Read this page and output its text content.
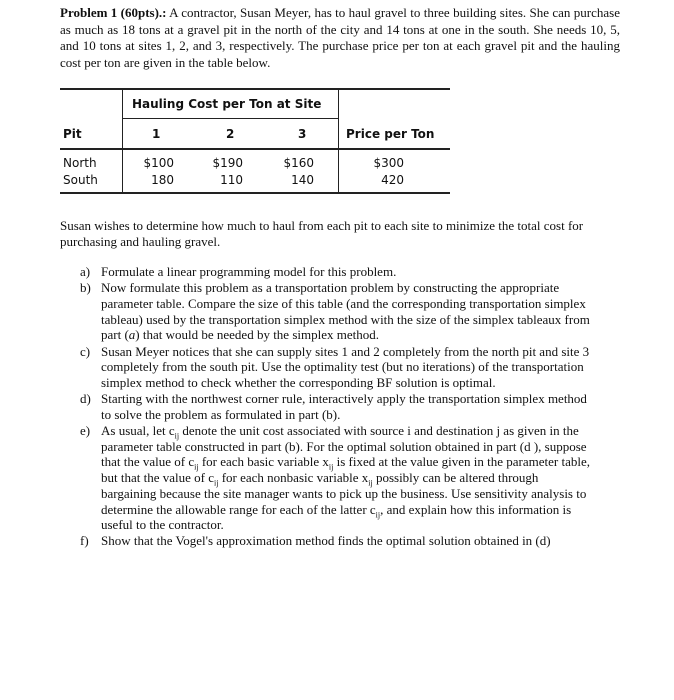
Problem 1 (60pts).: A contractor, Susan Meyer, has to haul gravel to three building sites. She can purchase as much as 18 tons at a gravel pit in the north of the city and 14 tons at one in the south. She needs 10, 5, and 10 tons at sites 1, 2, and 3, respectively. The purchase price per ton at each gravel pit and the hauling cost per ton are given in the table below.
Hauling Cost per Ton at Site
Pit	1	2	3	Price per Ton
North	$100	$190	$160	$300
South	180	110	140	420
Susan wishes to determine how much to haul from each pit to each site to minimize the total cost for purchasing and hauling gravel.
a) Formulate a linear programming model for this problem.
b) Now formulate this problem as a transportation problem by constructing the appropriate parameter table. Compare the size of this table (and the corresponding transportation simplex tableau) used by the transportation simplex method with the size of the simplex tableaux from part (a) that would be needed by the simplex method.
c) Susan Meyer notices that she can supply sites 1 and 2 completely from the north pit and site 3 completely from the south pit. Use the optimality test (but no iterations) of the transportation simplex method to check whether the corresponding BF solution is optimal.
d) Starting with the northwest corner rule, interactively apply the transportation simplex method to solve the problem as formulated in part (b).
e) As usual, let $c_{ij}$ denote the unit cost associated with source i and destination j as given in the parameter table constructed in part (b). For the optimal solution obtained in part (d ), suppose that the value of $c_{ij}$ for each basic variable $x_{ij}$ is fixed at the value given in the parameter table, but that the value of $c_{ij}$ for each nonbasic variable $x_{ij}$ possibly can be altered through bargaining because the site manager wants to pick up the business. Use sensitivity analysis to determine the allowable range for each of the latter $c_{ij}$, and explain how this information is useful to the contractor.
f) Show that the Vogel's approximation method finds the optimal solution obtained in (d)
